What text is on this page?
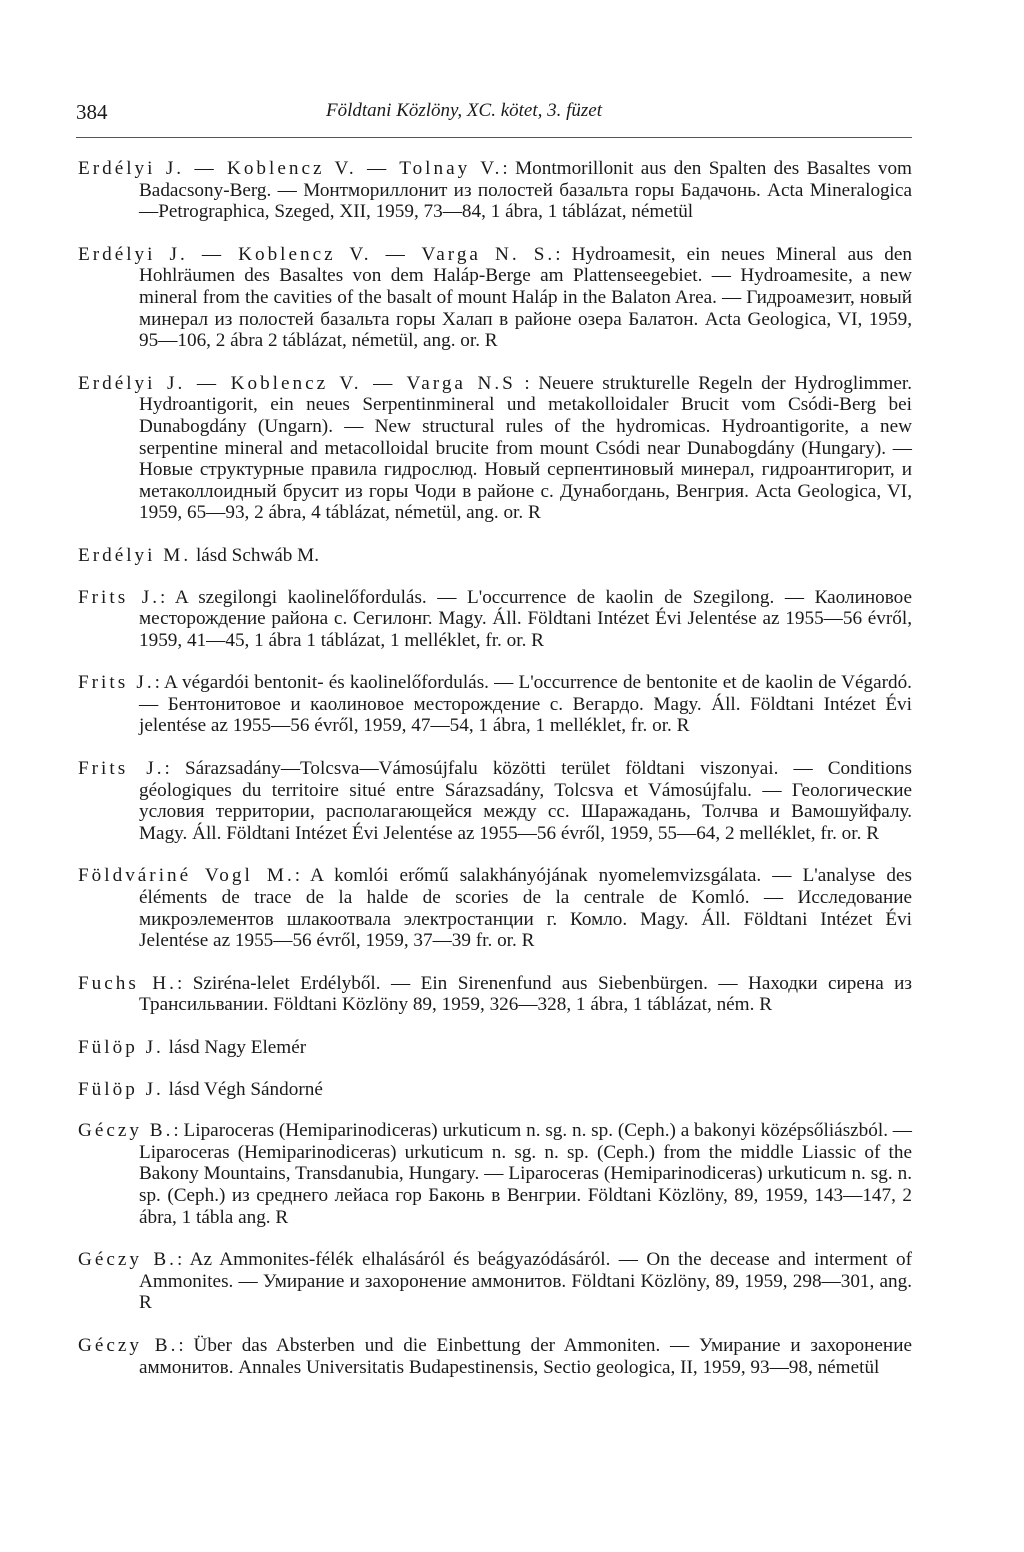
384	Földtani Közlöny, XC. kötet, 3. füzet

Erdélyi J. — Koblencz V. — Tolnay V.: Montmorillonit aus den Spalten des Basaltes vom Badacsony-Berg. — Монтмориллонит из полостей базальта горы Бадачонь. Acta Mineralogica—Petrographica, Szeged, XII, 1959, 73—84, 1 ábra, 1 táblázat, németül

Erdélyi J. — Koblencz V. — Varga N. S.: Hydroamesit, ein neues Mineral aus den Hohlräumen des Basaltes von dem Haláp-Berge am Plattenseegebiet. — Hydroamesite, a new mineral from the cavities of the basalt of mount Haláp in the Balaton Area. — Гидроамезит, новый минерал из полостей базальта горы Халап в районе озера Балатон. Acta Geologica, VI, 1959, 95—106, 2 ábra 2 táblázat, németül, ang. or. R

Erdélyi J. — Koblencz V. — Varga N.S : Neuere strukturelle Regeln der Hydroglimmer. Hydroantigorit, ein neues Serpentinmineral und metakolloidaler Brucit vom Csódi-Berg bei Dunabogdány (Ungarn). — New structural rules of the hydromicas. Hydroantigorite, a new serpentine mineral and metacolloidal brucite from mount Csódi near Dunabogdány (Hungary). — Новые структурные правила гидрослюд. Новый серпентиновый минерал, гидроантигорит, и метаколлоидный брусит из горы Чоди в районе с. Дунабогдань, Венгрия. Acta Geologica, VI, 1959, 65—93, 2 ábra, 4 táblázat, németül, ang. or. R

Erdélyi M. lásd Schwáb M.

Frits J.: A szegilongi kaolinelőfordulás. — L'occurrence de kaolin de Szegilong. — Каолиновое месторождение района с. Сегилонг. Magy. Áll. Földtani Intézet Évi Jelentése az 1955—56 évről, 1959, 41—45, 1 ábra 1 táblázat, 1 melléklet, fr. or. R

Frits J.: A végardói bentonit- és kaolinelőfordulás. — L'occurrence de bentonite et de kaolin de Végardó. — Бентонитовое и каолиновое месторождение с. Вегардо. Magy. Áll. Földtani Intézet Évi jelentése az 1955—56 évről, 1959, 47—54, 1 ábra, 1 melléklet, fr. or. R

Frits J.: Sárazsadány—Tolcsva—Vámosújfalu közötti terület földtani viszonyai. — Conditions géologiques du territoire situé entre Sárazsadány, Tolcsva et Vámosújfalu. — Геологические условия территории, располагающейся между сс. Шаражадань, Толчва и Вамошуйфалу. Magy. Áll. Földtani Intézet Évi Jelentése az 1955—56 évről, 1959, 55—64, 2 melléklet, fr. or. R

Földváriné Vogl M.: A komlói erőmű salakhányójának nyomelemvizsgálata. — L'analyse des éléments de trace de la halde de scories de la centrale de Komló. — Исследование микроэлементов шлакоотвала электростанции г. Комло. Magy. Áll. Földtani Intézet Évi Jelentése az 1955—56 évről, 1959, 37—39 fr. or. R

Fuchs H.: Sziréna-lelet Erdélyből. — Ein Sirenenfund aus Siebenbürgen. — Находки сирена из Трансильвании. Földtani Közlöny 89, 1959, 326—328, 1 ábra, 1 táblázat, ném. R

Fülöp J. lásd Nagy Elemér

Fülöp J. lásd Végh Sándorné

Géczy B.: Liparoceras (Hemiparinodiceras) urkuticum n. sg. n. sp. (Ceph.) a bakonyi középsőliászból. — Liparoceras (Hemiparinodiceras) urkuticum n. sg. n. sp. (Ceph.) from the middle Liassic of the Bakony Mountains, Transdanubia, Hungary. — Liparoceras (Hemiparinodiceras) urkuticum n. sg. n. sp. (Ceph.) из среднего лейаса гор Баконь в Венгрии. Földtani Közlöny, 89, 1959, 143—147, 2 ábra, 1 tábla ang. R

Géczy B.: Az Ammonites-félék elhalásáról és beágyazódásáról. — On the decease and interment of Ammonites. — Умирание и захоронение аммонитов. Földtani Közlöny, 89, 1959, 298—301, ang. R

Géczy B.: Über das Absterben und die Einbettung der Ammoniten. — Умирание и захоронение аммонитов. Annales Universitatis Budapestinensis, Sectio geologica, II, 1959, 93—98, németül
